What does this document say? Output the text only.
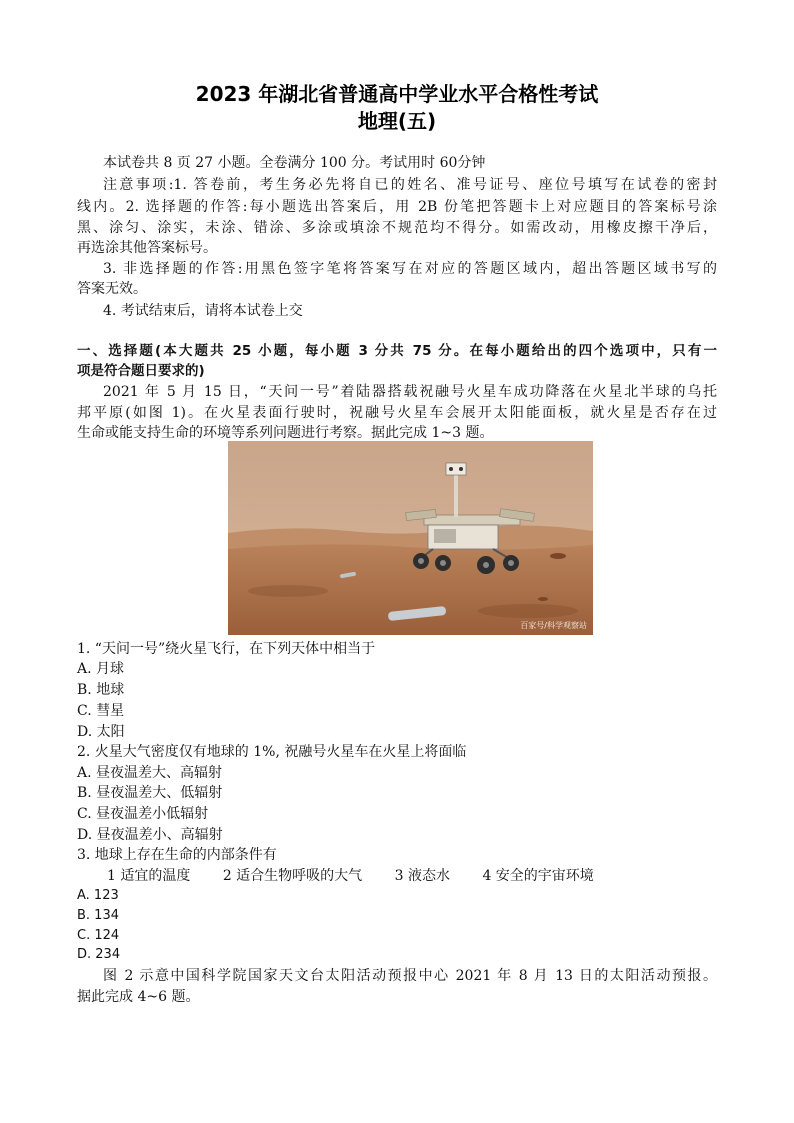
2023 年湖北省普通高中学业水平合格性考试
地理(五)
本试卷共 8 页 27 小题。全卷满分 100 分。考试用时 60分钟
注意事项:1. 答卷前，考生务必先将自已的姓名、准号证号、座位号填写在试卷的密封
线内。2. 选择题的作答:每小题选出答案后，用 2B 份笔把答题卡上对应题目的答案标号涂
黑、涂匀、涂实，未涂、错涂、多涂或填涂不规范均不得分。如需改动，用橡皮擦干净后，
再选涂其他答案标号。
3. 非选择题的作答:用黑色签字笔将答案写在对应的答题区域内，超出答题区域书写的
答案无效。
4. 考试结束后，请将本试卷上交
一、选择题(本大题共 25 小题，每小题 3 分共 75 分。在每小题给出的四个选项中，只有一
项是符合题日要求的)
2021 年 5 月 15 日，“天问一号”着陆器搭载祝融号火星车成功降落在火星北半球的乌托
邦平原(如图 1)。在火星表面行驶时，祝融号火星车会展开太阳能面板，就火星是否存在过
生命或能支持生命的环境等系列问题进行考察。据此完成 1~3 题。
百家号/科学观察站
1. “天问一号”绕火星飞行，在下列天体中相当于
A. 月球
B. 地球
C. 彗星
D. 太阳
2. 火星大气密度仅有地球的 1%, 祝融号火星车在火星上将面临
A. 昼夜温差大、高辐射
B. 昼夜温差大、低辐射
C. 昼夜温差小低辐射
D. 昼夜温差小、高辐射
3. 地球上存在生命的内部条件有
1 适宜的温度 2 适合生物呼吸的大气 3 液态水 4 安全的宇宙环境
A. 123
B. 134
C. 124
D. 234
图 2 示意中国科学院国家天文台太阳活动预报中心 2021 年 8 月 13 日的太阳活动预报。
据此完成 4~6 题。
